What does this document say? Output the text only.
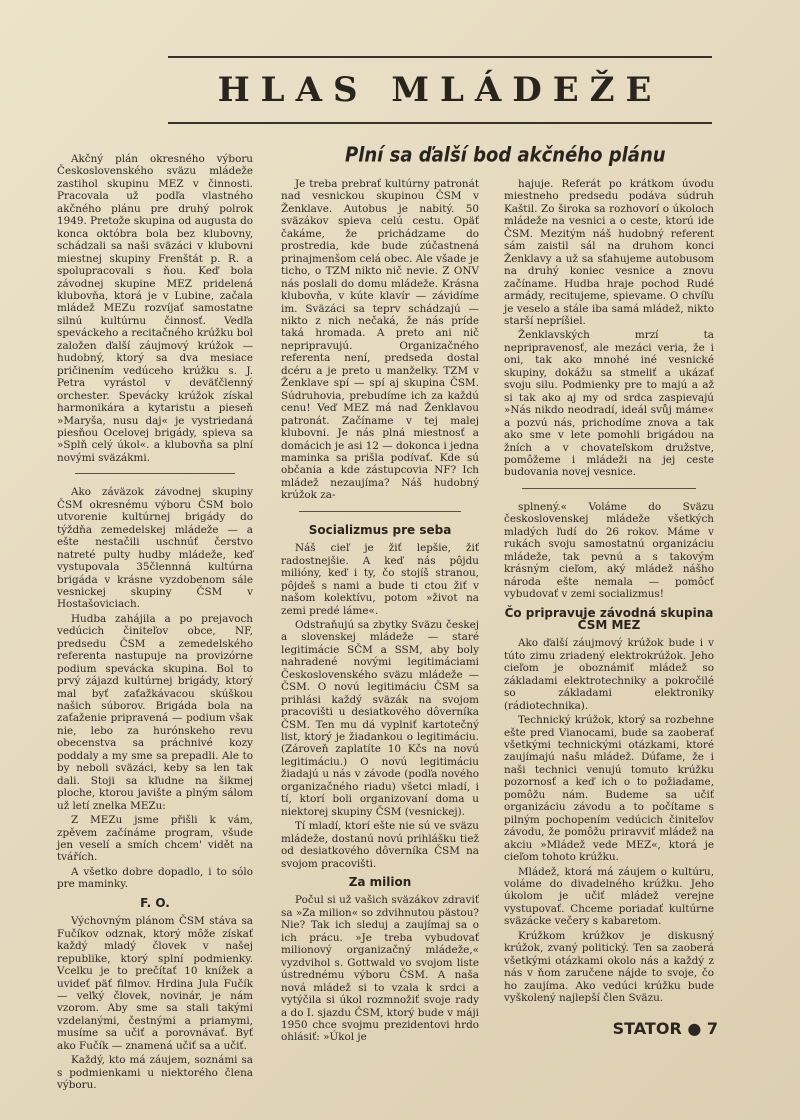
HLAS MLÁDEŽE
Plní sa ďalší bod akčného plánu

Akčný plán okresného výboru Československého sväzu mládeže zastihol skupinu MEZ v činnosti. Pracovala už podľa vlastného akčného plánu pre druhý polrok 1949. Pretože skupina od augusta do konca októbra bola bez klubovny, schádzali sa naši sväzáci v klubovni miestnej skupiny Frenštát p. R. a spolupracovali s ňou. Keď bola závodnej skupine MEZ pridelená klubovňa, ktorá je v Lubine, začala mládež MEZu rozvíjať samostatne silnú kultúrnu činnosť. Vedľa speváckeho a recitačného krúžku bol založen ďalší záujmový krúžok — hudobný, ktorý sa dva mesiace pričinením vedúceho krúžku s. J. Petra vyrástol v deväťčlenný orchester. Spevácky krúžok získal harmonikára a kytaristu a pieseň »Maryša, nusu daj« je vystriedaná piesňou Ocelovej brigády, spieva sa »Splň celý úkol«. a klubovňa sa plní novými sväzákmi.

Ako záväzok závodnej skupiny ČSM okresnému výboru ČSM bolo utvorenie kultúrnej brigády do týždňa zemedelskej mládeže — a ešte nestačili uschnúť čerstvo natreté pulty hudby mládeže, keď vystupovala 35člennná kultúrna brigáda v krásne vyzdobenom sále vesnickej skupiny ČSM v Hostašoviciach.

Hudba zahájila a po prejavoch vedúcich činiteľov obce, NF, predsedu ČSM a zemedelského referenta nastupuje na provizórne podium spevácka skupina. Bol to prvý zájazd kultúrnej brigády, ktorý mal byť zaťažkávacou skúškou našich súborov. Brigáda bola na zaťaženie pripravená — podium však nie, lebo za hurónskeho revu obecenstva sa práchnivé kozy poddaly a my sme sa prepadli. Ale to by neboli sväzáci, keby sa len tak dali. Stoji sa kľudne na šikmej ploche, ktorou javište a plným sálom už letí znelka MEZu:

Z MEZu jsme přišli k vám, zpěvem začínáme program, všude jen veselí a smích chcem' vidět na tvářích.

A všetko dobre dopadlo, i to sólo pre maminky.

F. O.

Výchovným plánom ČSM stáva sa Fučíkov odznak, ktorý môže získať každý mladý človek v našej republike, ktorý splní podmienky. Vcelku je to prečítať 10 knížek a uvideť päť filmov. Hrdina Jula Fučík — veľký človek, novinár, je nám vzorom. Aby sme sa stali takými vzdelanými, čestnými a priamymi, musíme sa učiť a porovnávať. Byť ako Fučík — znamená učiť sa a učiť.

Každý, kto má záujem, soznámi sa s podmienkami u niektorého člena výboru.

Je treba prebrať kultúrny patronát nad vesnickou skupinou ČSM v Ženklave. Autobus je nabitý. 50 sväzákov spieva celú cestu. Opäť čakáme, že prichádzame do prostredia, kde bude zúčastnená prinajmenšom celá obec. Ale všade je ticho, o TZM nikto nič nevie. Z ONV nás poslali do domu mládeže. Krásna klubovňa, v kúte klavír — závidíme im. Sväzáci sa teprv schádzajú — nikto z nich nečaká, že nás príde taká hromada. A preto ani nič nepripravujú. Organizačného referenta není, predseda dostal dcéru a je preto u manželky. TZM v Ženklave spí — spí aj skupina ČSM. Súdruhovia, prebudíme ich za každú cenu! Veď MEZ má nad Ženklavou patronát. Začíname v tej malej klubovni. Je nás plná miestnosť a domácich je asi 12 — dokonca i jedna maminka sa prišla podívať. Kde sú občania a kde zástupcovia NF? Ich mládež nezaujíma? Náš hudobný krúžok za-

Socializmus pre seba

Náš cieľ je žiť lepšie, žiť radostnejšie. A keď nás pôjdu milióny, keď i ty, čo stojíš stranou, pôjdeš s nami a bude ti ctou žiť v našom kolektívu, potom »život na zemi predé láme«.

Odstraňujú sa zbytky Sväzu českej a slovenskej mládeže — staré legitimácie SČM a SSM, aby boly nahradené novými legitimáciami Československého sväzu mládeže — ČSM. O novú legitimáciu ČSM sa prihlási každý sväzák na svojom pracovišti u desiatkového dôverníka ČSM. Ten mu dá vyplniť kartotečný list, ktorý je žiadankou o legitimáciu. (Zároveň zaplatíte 10 Kčs na novú legitimáciu.) O novú legitimáciu žiadajú u nás v závode (podľa nového organizačného riadu) všetci mladí, i tí, ktorí boli organizovaní doma u niektorej skupiny ČSM (vesnickej).

Tí mladí, ktorí ešte nie sú ve sväzu mládeže, dostanú novú prihlášku tiež od desiatkového dôverníka ČSM na svojom pracovišti.

Za milion

Počul si už vašich sväzákov zdraviť sa »Za milion« so zdvihnutou pästou? Nie? Tak ich sleduj a zaujímaj sa o ich prácu. »Je treba vybudovať milionový organizačný mládeže,« vyzdvihol s. Gottwald vo svojom liste ústrednému výboru ČSM. A naša nová mládež si to vzala k srdci a vytýčila si úkol rozmnožiť svoje rady a do I. sjazdu ČSM, ktorý bude v máji 1950 chce svojmu prezidentovi hrdo ohlásiť: »Úkol je

hajuje. Referát po krátkom úvodu miestneho predsedu podáva súdruh Kaštil. Zo široka sa rozhovorí o úkoloch mládeže na vesnici a o ceste, ktorú ide ČSM. Mezitým náš hudobný referent sám zaistil sál na druhom konci Ženklavy a už sa sťahujeme autobusom na druhý koniec vesnice a znovu začíname. Hudba hraje pochod Rudé armády, recitujeme, spievame. O chvíľu je veselo a stále iba samá mládež, nikto starší nepríšiel.

Ženklavských mrzí ta nepripravenosť, ale mezáci veria, že i oni, tak ako mnohé iné vesnické skupiny, dokážu sa stmeliť a ukázať svoju silu. Podmienky pre to majú a až si tak ako aj my od srdca zaspievajú »Nás nikdo neodradí, ideál svůj máme« a pozvú nás, prichodíme znova a tak ako sme v lete pomohli brigádou na žních a v chovateľskom družstve, pomôžeme i mládeži na jej ceste budovania novej vesnice.

splnený.« Voláme do Sväzu československej mládeže všetkých mladých ľudí do 26 rokov. Máme v rukách svoju samostatnú organizáciu mládeže, tak pevnú a s takovým krásným cieľom, aký mládež nášho národa ešte nemala — pomôcť vybudovať v zemi socializmus!

Čo pripravuje závodná skupina ČSM MEZ

Ako ďalší záujmový krúžok bude i v túto zimu zriadený elektrokrúžok. Jeho cieľom je oboznámiť mládež so základami elektrotechniky a pokročilé so základami elektroniky (rádiotechnika).

Technický krúžok, ktorý sa rozbehne ešte pred Vianocami, bude sa zaoberať všetkými technickými otázkami, ktoré zaujímajú našu mládež. Dúfame, že i naši technici venujú tomuto krúžku pozornosť a keď ich o to požiadame, pomôžu nám. Budeme sa učiť organizáciu závodu a to počítame s pilným pochopením vedúcich činiteľov závodu, že pomôžu priravviť mládež na akciu »Mládež vede MEZ«, ktorá je cieľom tohoto krúžku.

Mládež, ktorá má záujem o kultúru, voláme do divadelného krúžku. Jeho úkolom je učiť mládež verejne vystupovať. Chceme poriadať kultúrne sväzácke večery s kabaretom.

Krúžkom krúžkov je diskusný krúžok, zvaný politický. Ten sa zaoberá všetkými otázkami okolo nás a každý z nás v ňom zaručene nájde to svoje, čo ho zaujíma. Ako vedúci krúžku bude vyškolený najlepší člen Sväzu.

STATOR ● 7
